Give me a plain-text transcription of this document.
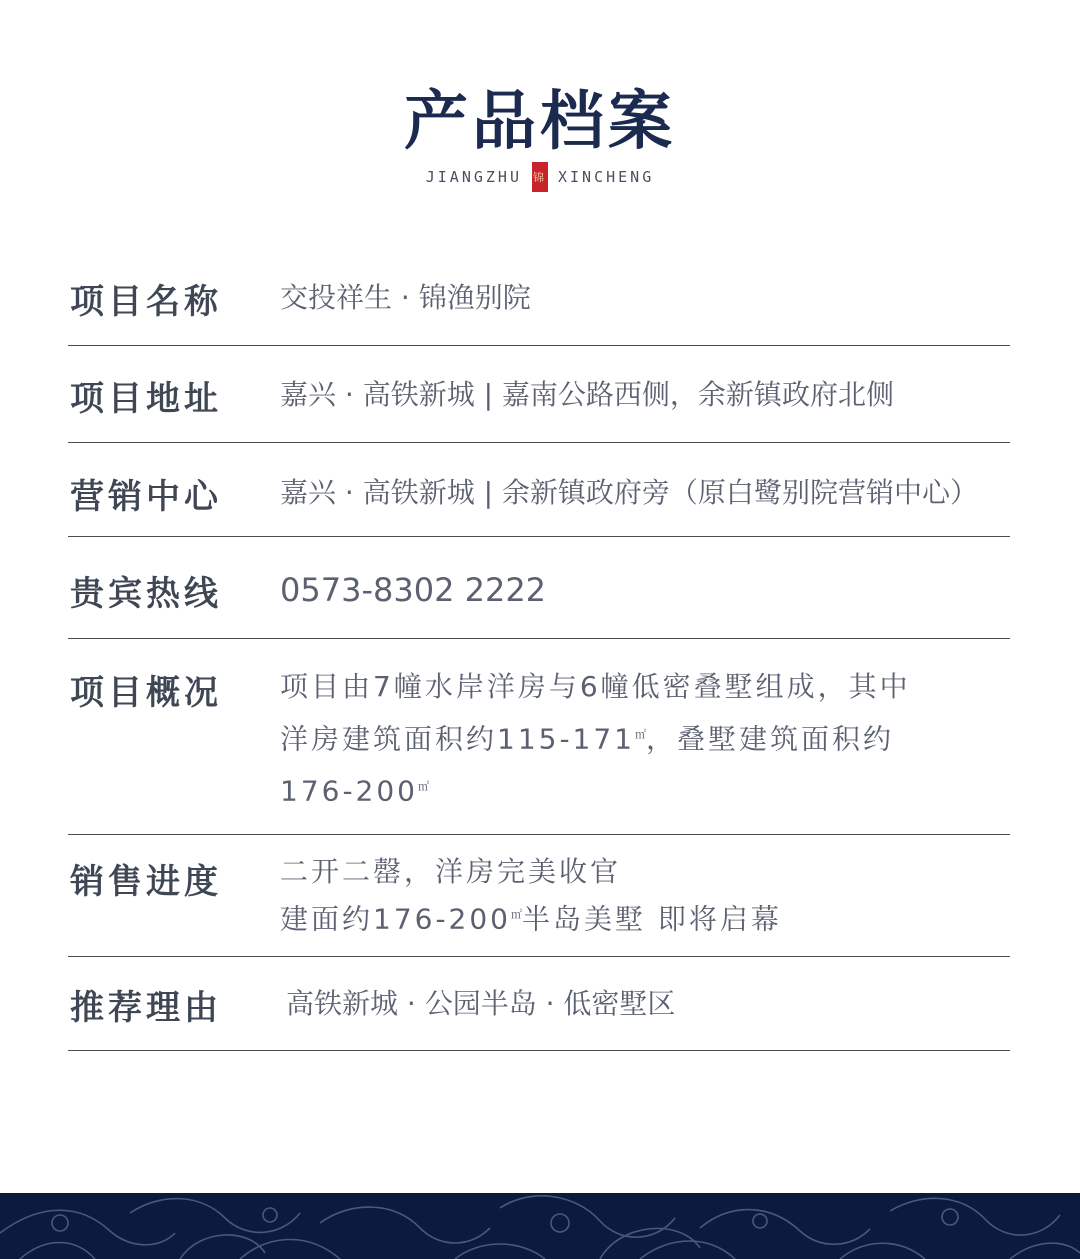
产品档案
JIANGZHU 锦 XINCHENG
项目名称 交投祥生 · 锦渔别院
项目地址 嘉兴 · 高铁新城 | 嘉南公路西侧，余新镇政府北侧
营销中心 嘉兴 · 高铁新城 | 余新镇政府旁（原白鹭别院营销中心）
贵宾热线 0573-8302 2222
项目概况 项目由7幢水岸洋房与6幢低密叠墅组成，其中
洋房建筑面积约115-171㎡，叠墅建筑面积约
176-200㎡
销售进度 二开二罄，洋房完美收官
建面约176-200㎡半岛美墅 即将启幕
推荐理由 高铁新城 · 公园半岛 · 低密墅区
